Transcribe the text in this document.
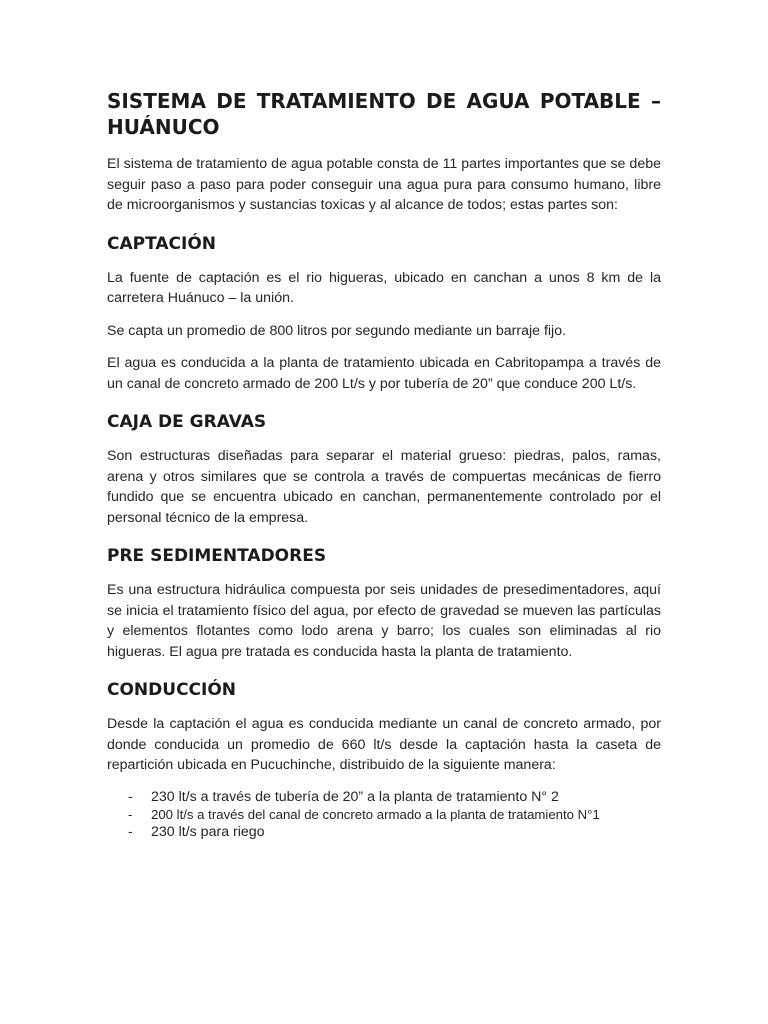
SISTEMA DE TRATAMIENTO DE AGUA POTABLE – HUÁNUCO

El sistema de tratamiento de agua potable consta de 11 partes importantes que se debe seguir paso a paso para poder conseguir una agua pura para consumo humano, libre de microorganismos y sustancias toxicas y al alcance de todos; estas partes son:

CAPTACIÓN

La fuente de captación es el rio higueras, ubicado en canchan a unos 8 km de la carretera Huánuco – la unión.

Se capta un promedio de 800 litros por segundo mediante un barraje fijo.

El agua es conducida a la planta de tratamiento ubicada en Cabritopampa a través de un canal de concreto armado de 200 Lt/s y por tubería de 20” que conduce 200 Lt/s.

CAJA DE GRAVAS

Son estructuras diseñadas para separar el material grueso: piedras, palos, ramas, arena y otros similares que se controla a través de compuertas mecánicas de fierro fundido que se encuentra ubicado en canchan, permanentemente controlado por el personal técnico de la empresa.

PRE SEDIMENTADORES

Es una estructura hidráulica compuesta por seis unidades de presedimentadores, aquí se inicia el tratamiento físico del agua, por efecto de gravedad se mueven las partículas y elementos flotantes como lodo arena y barro; los cuales son eliminadas al rio higueras. El agua pre tratada es conducida hasta la planta de tratamiento.

CONDUCCIÓN

Desde la captación el agua es conducida mediante un canal de concreto armado, por donde conducida un promedio de 660 lt/s desde la captación hasta la caseta de repartición ubicada en Pucuchinche, distribuido de la siguiente manera:

- 230 lt/s a través de tubería de 20” a la planta de tratamiento N° 2
- 200 lt/s a través del canal de concreto armado a la planta de tratamiento N°1
- 230 lt/s para riego
